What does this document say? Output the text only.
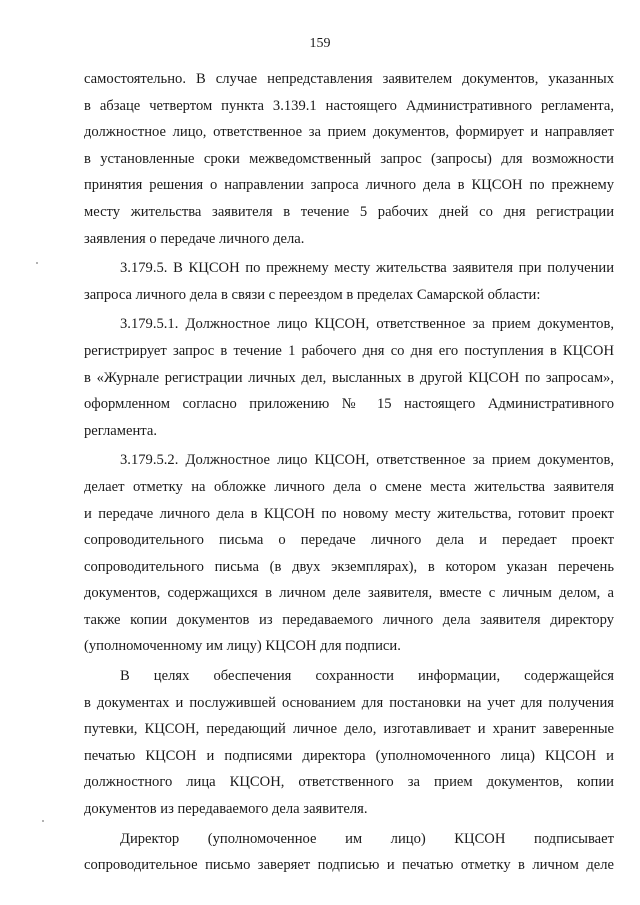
159
самостоятельно. В случае непредставления заявителем документов, указанных
в абзаце четвертом пункта 3.139.1 настоящего Административного регламента,
должностное лицо, ответственное за прием документов, формирует и направляет
в установленные сроки межведомственный запрос (запросы) для возможности
принятия решения о направлении запроса личного дела в КЦСОН по прежнему
месту жительства заявителя в течение 5 рабочих дней со дня регистрации
заявления о передаче личного дела.
3.179.5. В КЦСОН по прежнему месту жительства заявителя при получении
запроса личного дела в связи с переездом в пределах Самарской области:
3.179.5.1. Должностное лицо КЦСОН, ответственное за прием документов,
регистрирует запрос в течение 1 рабочего дня со дня его поступления в КЦСОН
в «Журнале регистрации личных дел, высланных в другой КЦСОН по запросам»,
оформленном согласно приложению № 15 настоящего Административного
регламента.
3.179.5.2. Должностное лицо КЦСОН, ответственное за прием документов,
делает отметку на обложке личного дела о смене места жительства заявителя
и передаче личного дела в КЦСОН по новому месту жительства, готовит проект
сопроводительного письма о передаче личного дела и передает проект
сопроводительного письма (в двух экземплярах), в котором указан перечень
документов, содержащихся в личном деле заявителя, вместе с личным делом, а
также копии документов из передаваемого личного дела заявителя директору
(уполномоченному им лицу) КЦСОН для подписи.
В целях обеспечения сохранности информации, содержащейся
в документах и послужившей основанием для постановки на учет для получения
путевки, КЦСОН, передающий личное дело, изготавливает и хранит заверенные
печатью КЦСОН и подписями директора (уполномоченного лица) КЦСОН и
должностного лица КЦСОН, ответственного за прием документов, копии
документов из передаваемого дела заявителя.
Директор (уполномоченное им лицо) КЦСОН подписывает
сопроводительное письмо заверяет подписью и печатью отметку в личном деле
